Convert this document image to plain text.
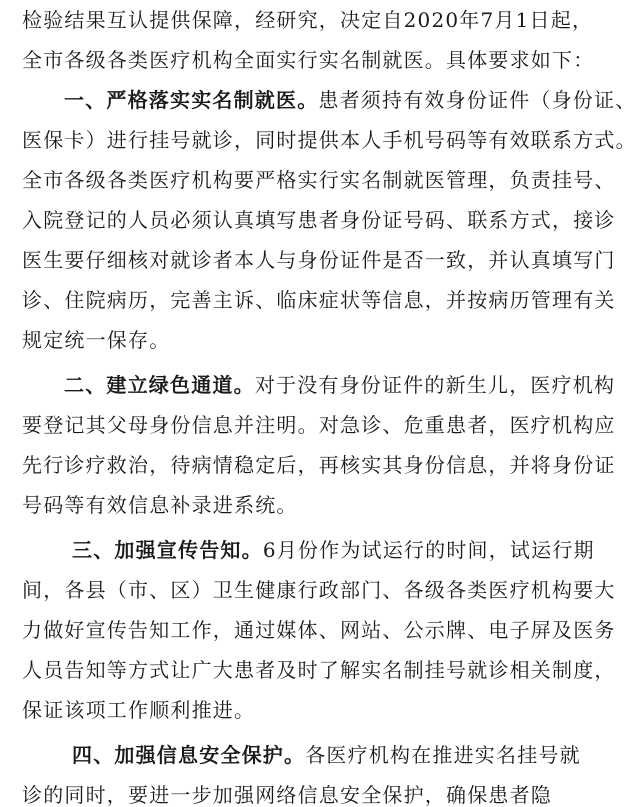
检验结果互认提供保障，经研究，决定自2020年7月1日起，
全市各级各类医疗机构全面实行实名制就医。具体要求如下：
一、严格落实实名制就医。患者须持有效身份证件（身份证、
医保卡）进行挂号就诊，同时提供本人手机号码等有效联系方式。
全市各级各类医疗机构要严格实行实名制就医管理，负责挂号、
入院登记的人员必须认真填写患者身份证号码、联系方式，接诊
医生要仔细核对就诊者本人与身份证件是否一致，并认真填写门
诊、住院病历，完善主诉、临床症状等信息，并按病历管理有关
规定统一保存。
二、建立绿色通道。对于没有身份证件的新生儿，医疗机构
要登记其父母身份信息并注明。对急诊、危重患者，医疗机构应
先行诊疗救治，待病情稳定后，再核实其身份信息，并将身份证
号码等有效信息补录进系统。
三、加强宣传告知。6月份作为试运行的时间，试运行期
间，各县（市、区）卫生健康行政部门、各级各类医疗机构要大
力做好宣传告知工作，通过媒体、网站、公示牌、电子屏及医务
人员告知等方式让广大患者及时了解实名制挂号就诊相关制度，
保证该项工作顺利推进。
四、加强信息安全保护。各医疗机构在推进实名挂号就
诊的同时，要进一步加强网络信息安全保护，确保患者隐
